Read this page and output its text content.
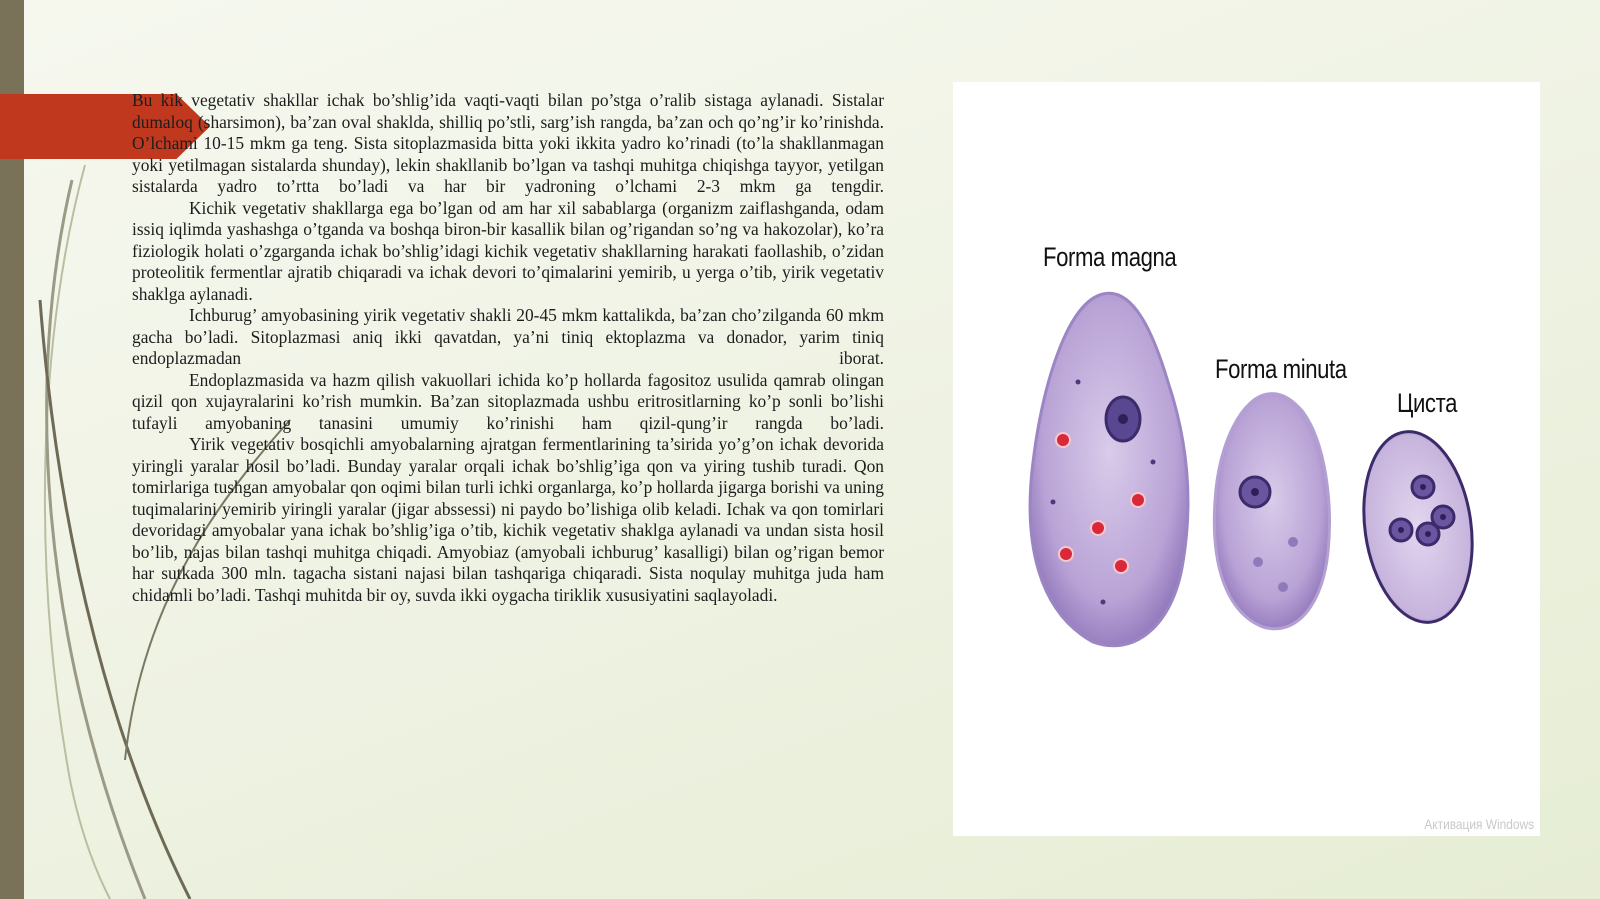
Bu kik vegetativ shakllar ichak bo’shlig’ida vaqti-vaqti bilan po’stga o’ralib sistaga aylanadi. Sistalar dumaloq (sharsimon), ba’zan oval shaklda, shilliq po’stli, sarg’ish rangda, ba’zan och qo’ng’ir ko’rinishda. O’lchami 10-15 mkm ga teng. Sista sitoplazmasida bitta yoki ikkita yadro ko’rinadi (to’la shakllanmagan yoki yetilmagan sistalarda shunday), lekin shakllanib bo’lgan va tashqi muhitga chiqishga tayyor, yetilgan sistalarda yadro to’rtta bo’ladi va har bir yadroning o’lchami 2-3 mkm ga tengdir.

Kichik vegetativ shakllarga ega bo’lgan od am har xil sabablarga (organizm zaiflashganda, odam issiq iqlimda yashashga o’tganda va boshqa biron-bir kasallik bilan og’rigandan so’ng va hakozolar), ko’ra fiziologik holati o’zgarganda ichak bo’shlig’idagi kichik vegetativ shakllarning harakati faollashib, o’zidan proteolitik fermentlar ajratib chiqaradi va ichak devori to’qimalarini yemirib, u yerga o’tib, yirik vegetativ shaklga aylanadi.

Ichburug’ amyobasining yirik vegetativ shakli 20-45 mkm kattalikda, ba’zan cho’zilganda 60 mkm gacha bo’ladi. Sitoplazmasi aniq ikki qavatdan, ya’ni tiniq ektoplazma va donador, yarim tiniq endoplazmadan iborat.

Endoplazmasida va hazm qilish vakuollari ichida ko’p hollarda fagositoz usulida qamrab olingan qizil qon xujayralarini ko’rish mumkin. Ba’zan sitoplazmada ushbu eritrositlarning ko’p sonli bo’lishi tufayli amyobaning tanasini umumiy ko’rinishi ham qizil-qung’ir rangda bo’ladi.

Yirik vegetativ bosqichli amyobalarning ajratgan fermentlarining ta’sirida yo’g’on ichak devorida yiringli yaralar hosil bo’ladi. Bunday yaralar orqali ichak bo’shlig’iga qon va yiring tushib turadi. Qon tomirlariga tushgan amyobalar qon oqimi bilan turli ichki organlarga, ko’p hollarda jigarga borishi va uning tuqimalarini yemirib yiringli yaralar (jigar abssessi) ni paydo bo’lishiga olib keladi. Ichak va qon tomirlari devoridagi amyobalar yana ichak bo’shlig’iga o’tib, kichik vegetativ shaklga aylanadi va undan sista hosil bo’lib, najas bilan tashqi muhitga chiqadi. Amyobiaz (amyobali ichburug’ kasalligi) bilan og’rigan bemor har sutkada 300 mln. tagacha sistani najasi bilan tashqariga chiqaradi. Sista noqulay muhitga juda ham chidamli bo’ladi. Tashqi muhitda bir oy, suvda ikki oygacha tiriklik xususiyatini saqlayoladi.

Forma magna
Forma minuta
Циста
Активация Windows
